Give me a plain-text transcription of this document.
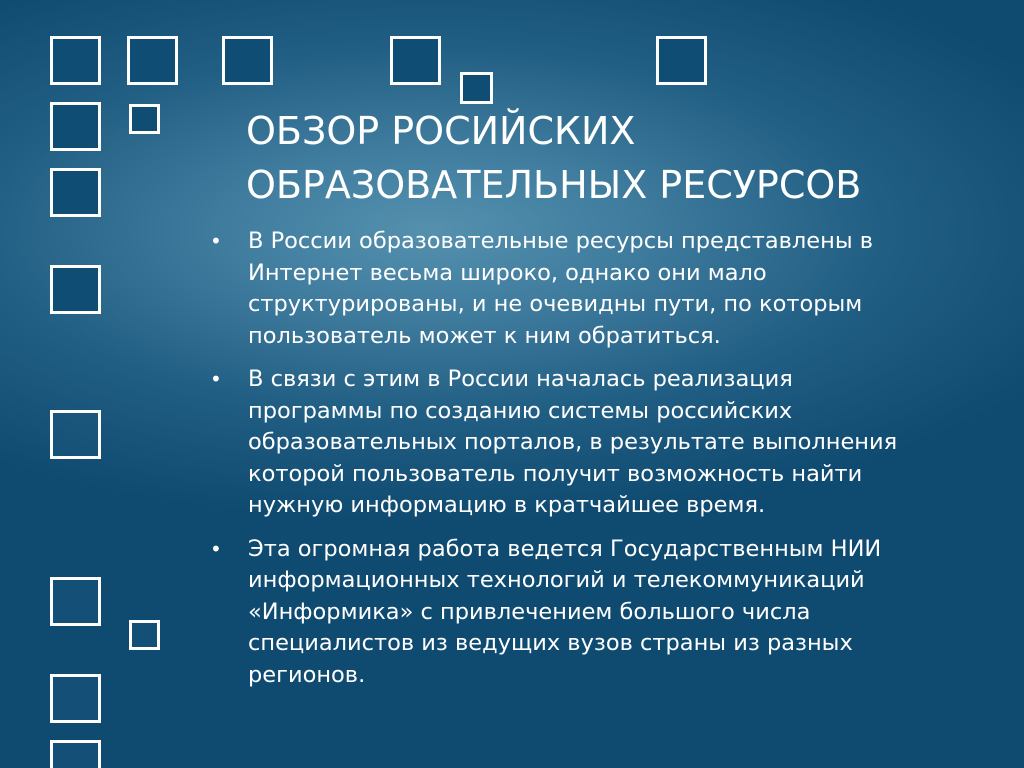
ОБЗОР РОСИЙСКИХ
ОБРАЗОВАТЕЛЬНЫХ РЕСУРСОВ
• В России образовательные ресурсы представлены в Интернет весьма широко, однако они мало структурированы, и не очевидны пути, по которым пользователь может к ним обратиться.
• В связи с этим в России началась реализация программы по созданию системы российских образовательных порталов, в результате выполнения которой пользователь получит возможность найти нужную информацию в кратчайшее время.
• Эта огромная работа ведется Государственным НИИ информационных технологий и телекоммуникаций «Информика» с привлечением большого числа специалистов из ведущих вузов страны из разных регионов.
